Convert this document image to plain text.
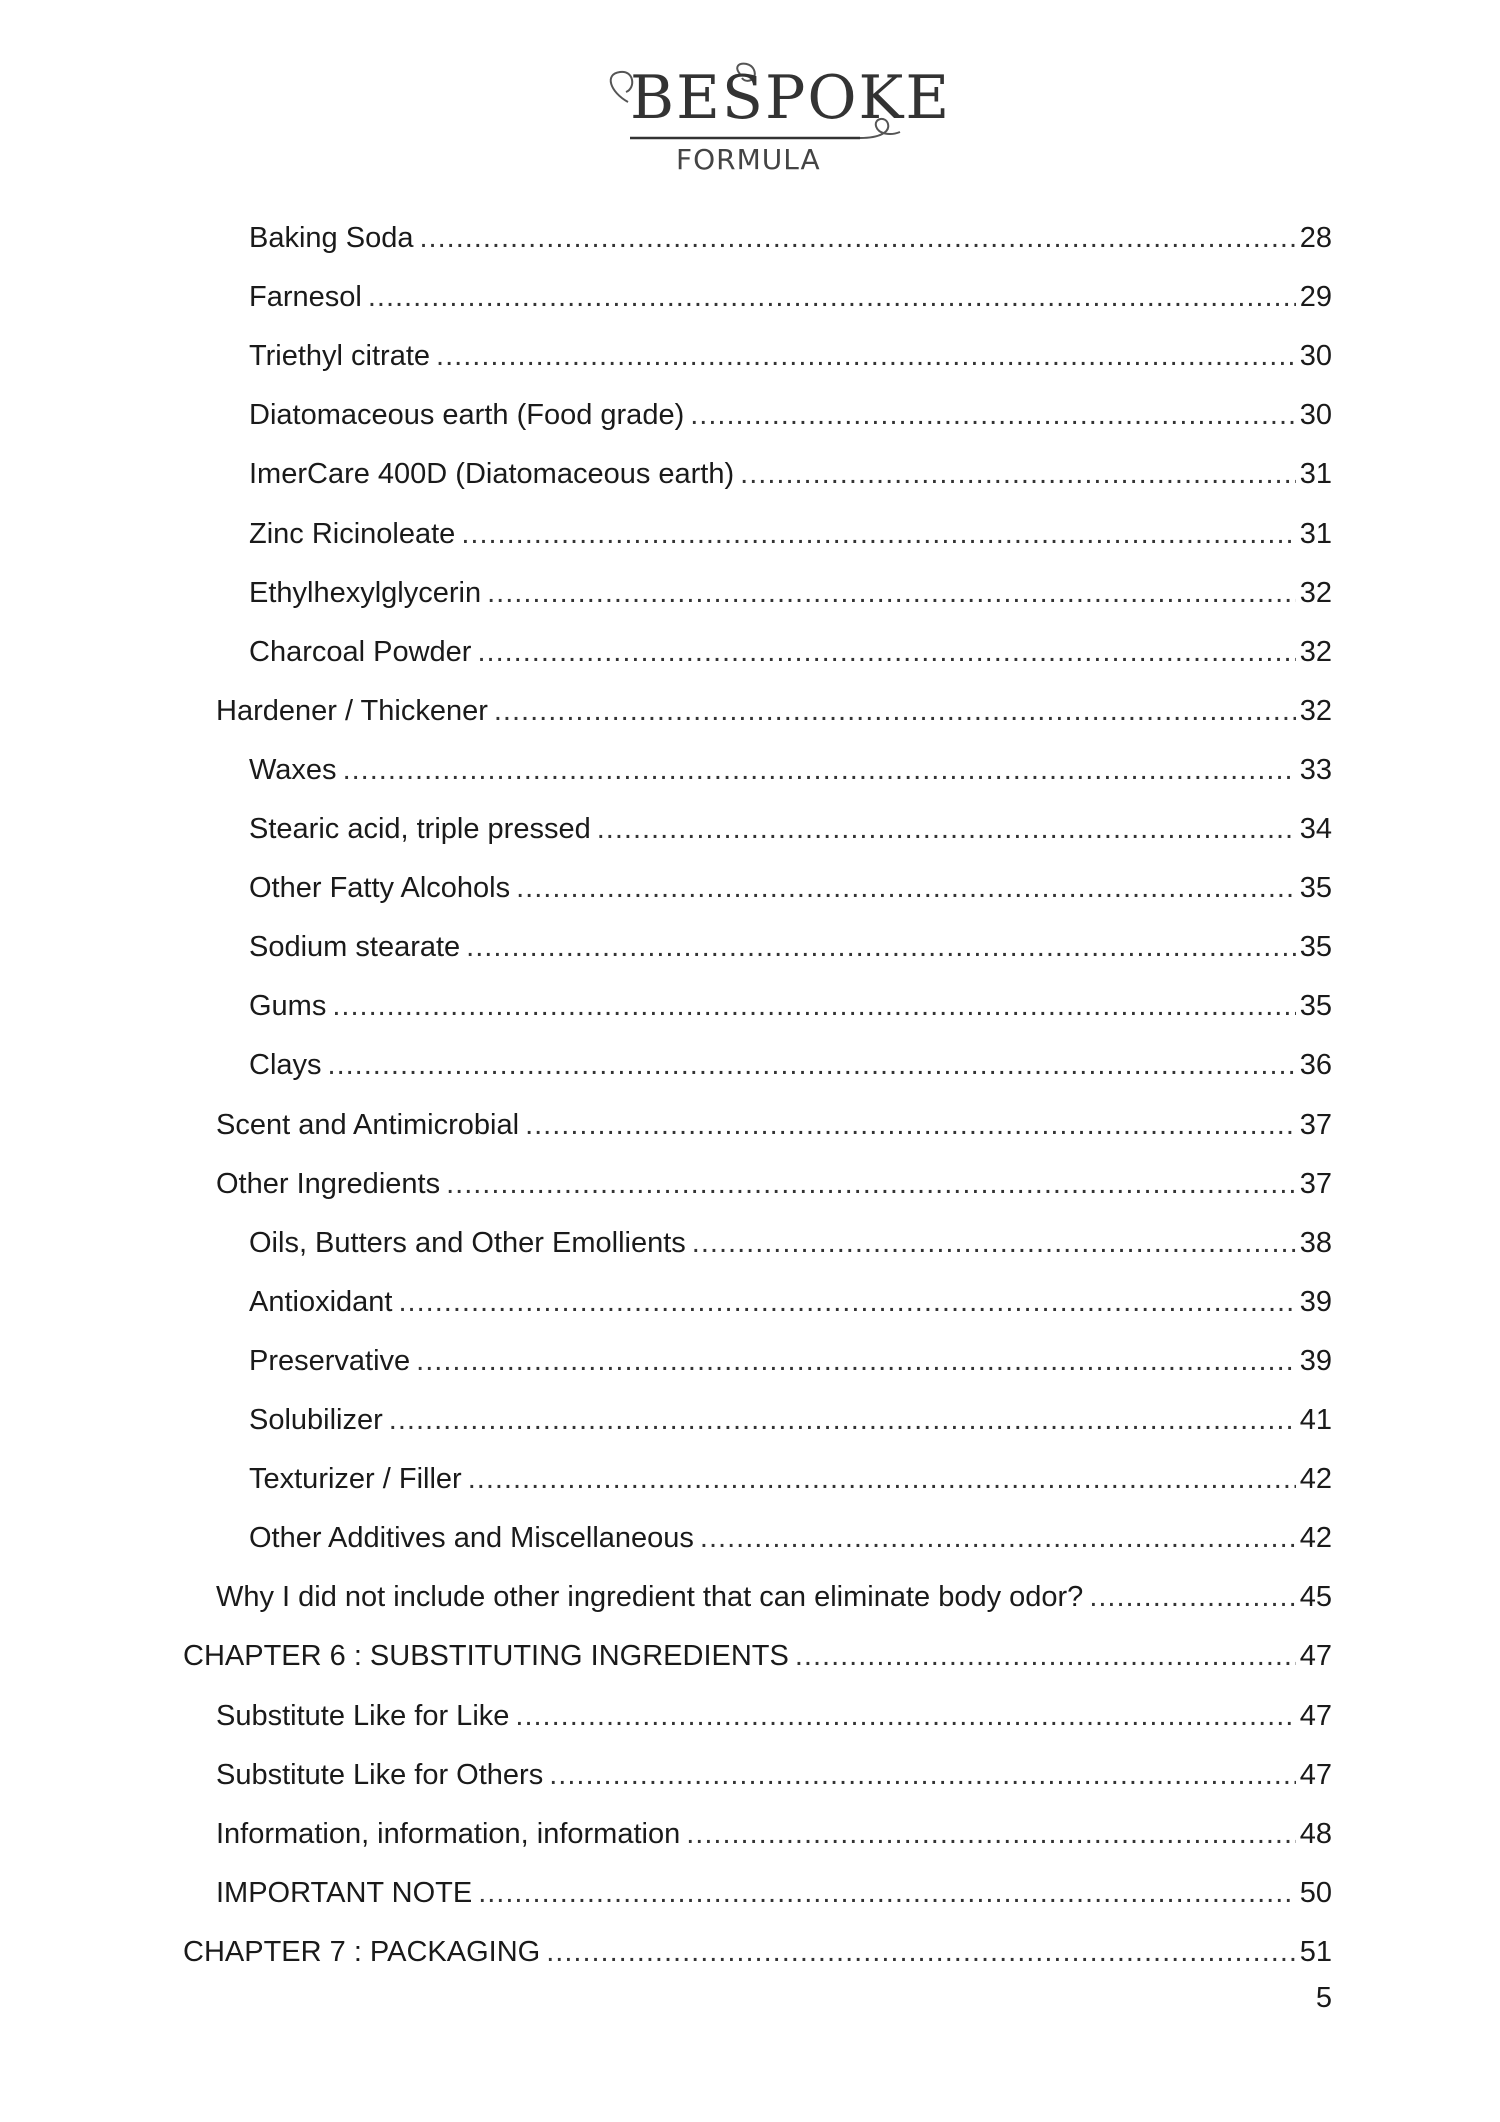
BESPOKE
FORMULA
Baking Soda .....	28
Farnesol .....	29
Triethyl citrate .....	30
Diatomaceous earth (Food grade) .....	30
ImerCare 400D (Diatomaceous earth) .....	31
Zinc Ricinoleate .....	31
Ethylhexylglycerin .....	32
Charcoal Powder .....	32
Hardener / Thickener .....	32
Waxes .....	33
Stearic acid, triple pressed .....	34
Other Fatty Alcohols .....	35
Sodium stearate .....	35
Gums .....	35
Clays .....	36
Scent and Antimicrobial .....	37
Other Ingredients .....	37
Oils, Butters and Other Emollients .....	38
Antioxidant .....	39
Preservative .....	39
Solubilizer .....	41
Texturizer / Filler .....	42
Other Additives and Miscellaneous .....	42
Why I did not include other ingredient that can eliminate body odor? .....	45
CHAPTER 6 : SUBSTITUTING INGREDIENTS .....	47
Substitute Like for Like .....	47
Substitute Like for Others .....	47
Information, information, information .....	48
IMPORTANT NOTE .....	50
CHAPTER 7 : PACKAGING .....	51
5
